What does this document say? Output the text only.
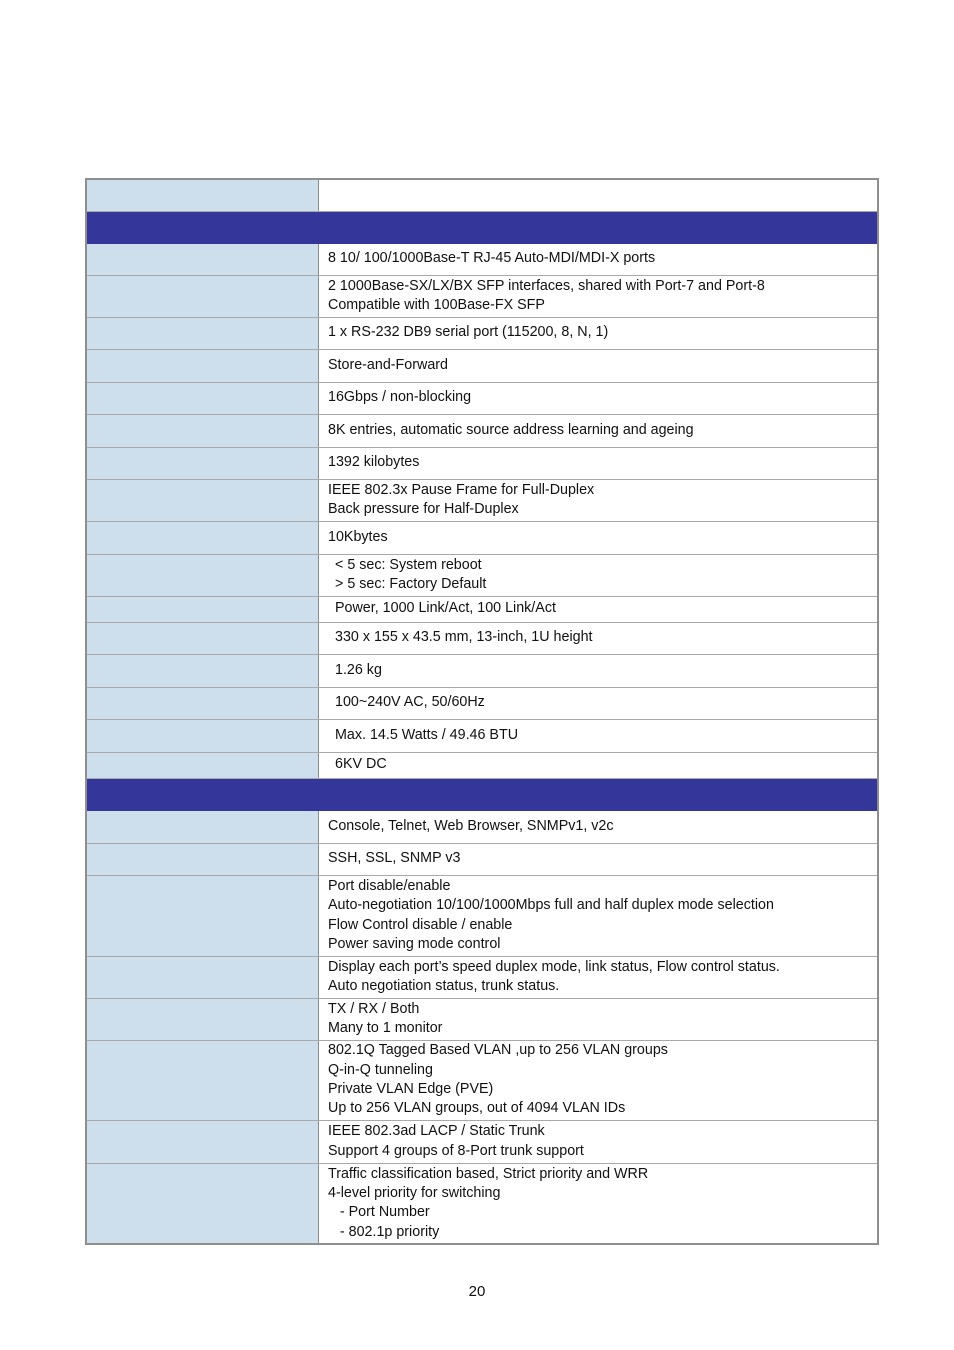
	8 10/ 100/1000Base-T RJ-45 Auto-MDI/MDI-X ports

	2 1000Base-SX/LX/BX SFP interfaces, shared with Port-7 and Port-8
Compatible with 100Base-FX SFP

	1 x RS-232 DB9 serial port (115200, 8, N, 1)

	Store-and-Forward

	16Gbps / non-blocking

	8K entries, automatic source address learning and ageing

	1392 kilobytes

	IEEE 802.3x Pause Frame for Full-Duplex
Back pressure for Half-Duplex

	10Kbytes

	< 5 sec: System reboot
> 5 sec: Factory Default

	Power, 1000 Link/Act, 100 Link/Act

	330 x 155 x 43.5 mm, 13-inch, 1U height

	1.26 kg

	100~240V AC, 50/60Hz

	Max. 14.5 Watts / 49.46 BTU

	6KV DC

	Console, Telnet, Web Browser, SNMPv1, v2c

	SSH, SSL, SNMP v3

	Port disable/enable
Auto-negotiation 10/100/1000Mbps full and half duplex mode selection
Flow Control disable / enable
Power saving mode control

	Display each port’s speed duplex mode, link status, Flow control status.
Auto negotiation status, trunk status.

	TX / RX / Both
Many to 1 monitor

	802.1Q Tagged Based VLAN ,up to 256 VLAN groups
Q-in-Q tunneling
Private VLAN Edge (PVE)
Up to 256 VLAN groups, out of 4094 VLAN IDs

	IEEE 802.3ad LACP / Static Trunk
Support 4 groups of 8-Port trunk support

	Traffic classification based, Strict priority and WRR
4-level priority for switching
- Port Number
- 802.1p priority
20
